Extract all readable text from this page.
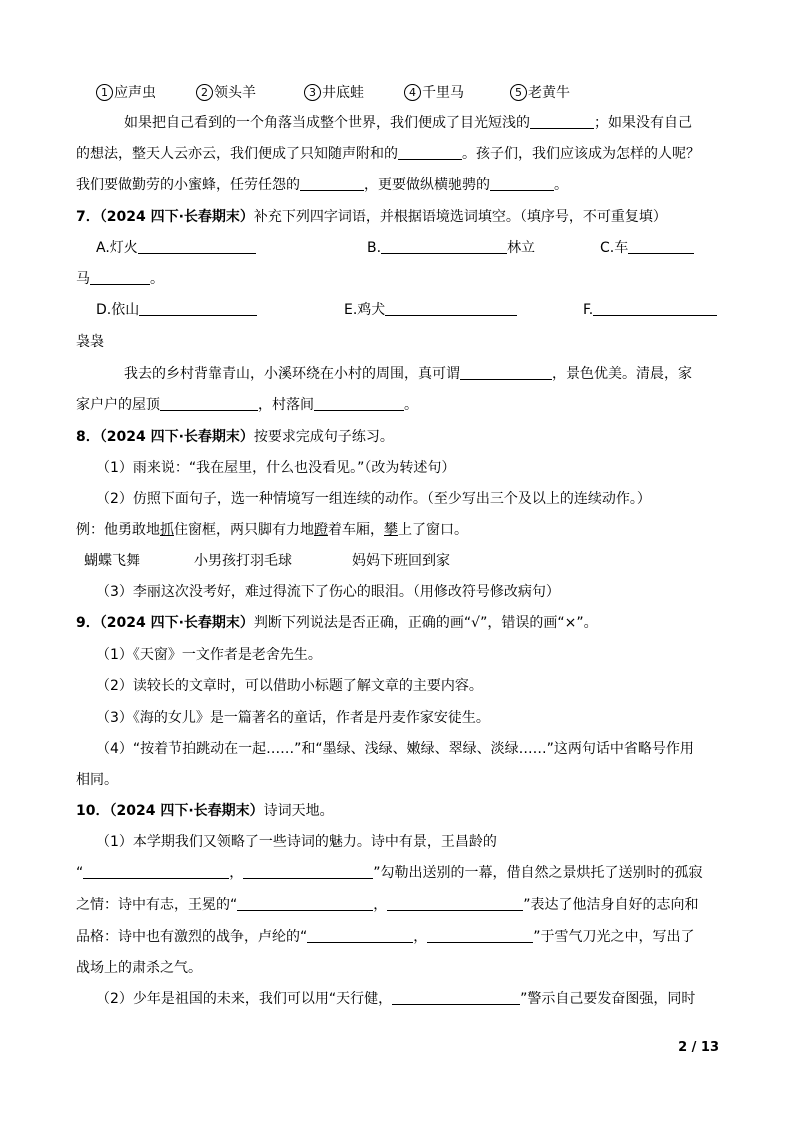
1 应声虫	2 领头羊	3 井底蛙	4 千里马	5 老黄牛
如果把自己看到的一个角落当成整个世界，我们便成了目光短浅的	；如果没有自己
的想法，整天人云亦云，我们便成了只知随声附和的	。孩子们，我们应该成为怎样的人呢？
我们要做勤劳的小蜜蜂，任劳任怨的	，更要做纵横驰骋的	。
7．（2024 四下·长春期末）补充下列四字词语，并根据语境选词填空。（填序号，不可重复填）
A.灯火	B.	林立	C.车
马	。
D.依山	E.鸡犬	F.
袅袅
我去的乡村背靠青山，小溪环绕在小村的周围，真可谓	，景色优美。清晨，家
家户户的屋顶	，村落间	。
8．（2024 四下·长春期末）按要求完成句子练习。
（1）雨来说：“我在屋里，什么也没看见。”（改为转述句）
（2）仿照下面句子，选一种情境写一组连续的动作。（至少写出三个及以上的连续动作。）
例：他勇敢地抓住窗框，两只脚有力地蹬着车厢，攀上了窗口。
蝴蝶飞舞	小男孩打羽毛球	妈妈下班回到家
（3）李丽这次没考好，难过得流下了伤心的眼泪。（用修改符号修改病句）
9．（2024 四下·长春期末）判断下列说法是否正确，正确的画“√”，错误的画“×”。
（1）《天窗》一文作者是老舍先生。
（2）读较长的文章时，可以借助小标题了解文章的主要内容。
（3）《海的女儿》是一篇著名的童话，作者是丹麦作家安徒生。
（4）“按着节拍跳动在一起……”和“墨绿、浅绿、嫩绿、翠绿、淡绿……”这两句话中省略号作用
相同。
10．（2024 四下·长春期末）诗词天地。
（1）本学期我们又领略了一些诗词的魅力。诗中有景，王昌龄的
“	，	”勾勒出送别的一幕，借自然之景烘托了送别时的孤寂
之情：诗中有志，王冕的“	，	”表达了他洁身自好的志向和
品格：诗中也有激烈的战争，卢纶的“	，	”于雪气刀光之中，写出了
战场上的肃杀之气。
（2）少年是祖国的未来，我们可以用“天行健，	”警示自己要发奋图强，同时
2 / 13
